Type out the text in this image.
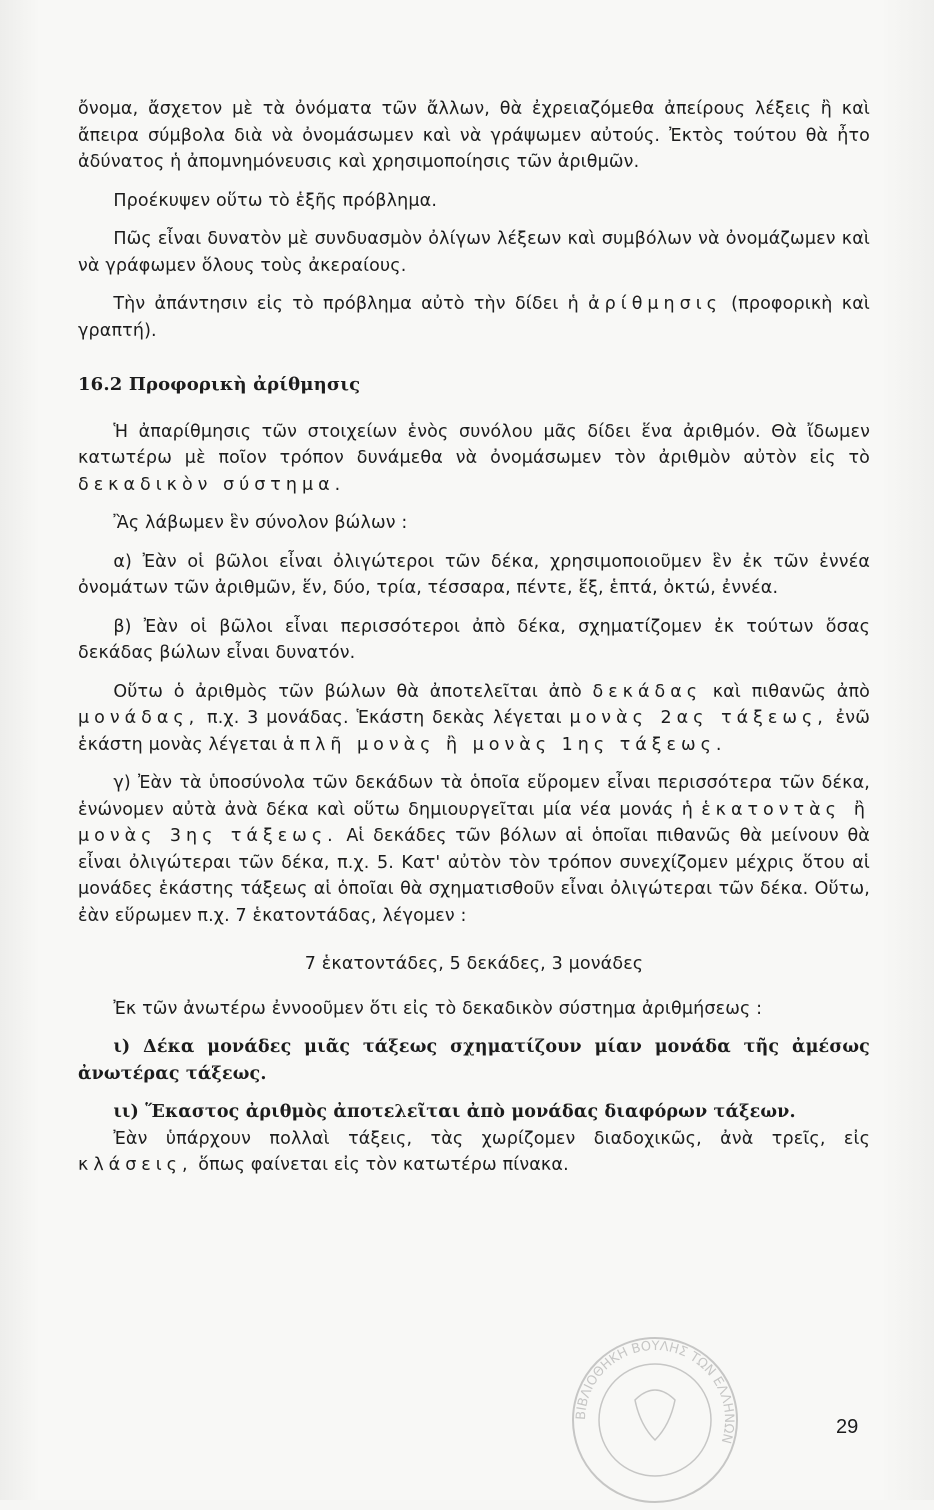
ὄνομα, ἄσχετον μὲ τὰ ὀνόματα τῶν ἄλλων, θὰ ἐχρειαζόμεθα ἀπείρους λέξεις ἢ καὶ ἄπειρα σύμβολα διὰ νὰ ὀνομάσωμεν καὶ νὰ γράψωμεν αὐτούς. Ἐκτὸς τούτου θὰ ἦτο ἀδύνατος ἡ ἀπομνημόνευσις καὶ χρησιμοποίησις τῶν ἀριθμῶν.

  Προέκυψεν οὕτω τὸ ἑξῆς πρόβλημα.

  Πῶς εἶναι δυνατὸν μὲ συνδυασμὸν ὀλίγων λέξεων καὶ συμβόλων νὰ ὀνομάζωμεν καὶ νὰ γράφωμεν ὅλους τοὺς ἀκεραίους.

  Τὴν ἀπάντησιν εἰς τὸ πρόβλημα αὐτὸ τὴν δίδει ἡ ἀρίθμησις (προφορικὴ καὶ γραπτή).

16.2 Προφορικὴ ἀρίθμησις

  Ἡ ἀπαρίθμησις τῶν στοιχείων ἑνὸς συνόλου μᾶς δίδει ἕνα ἀριθμόν. Θὰ ἴδωμεν κατωτέρω μὲ ποῖον τρόπον δυνάμεθα νὰ ὀνομάσωμεν τὸν ἀριθμὸν αὐτὸν εἰς τὸ δεκαδικὸν σύστημα.

  Ἂς λάβωμεν ἓν σύνολον βώλων :

  α) Ἐὰν οἱ βῶλοι εἶναι ὀλιγώτεροι τῶν δέκα, χρησιμοποιοῦμεν ἓν ἐκ τῶν ἐννέα ὀνομάτων τῶν ἀριθμῶν, ἕν, δύο, τρία, τέσσαρα, πέντε, ἕξ, ἑπτά, ὀκτώ, ἐννέα.

  β) Ἐὰν οἱ βῶλοι εἶναι περισσότεροι ἀπὸ δέκα, σχηματίζομεν ἐκ τούτων ὅσας δεκάδας βώλων εἶναι δυνατόν.

  Οὕτω ὁ ἀριθμὸς τῶν βώλων θὰ ἀποτελεῖται ἀπὸ δεκάδας καὶ πιθανῶς ἀπὸ μονάδας, π.χ. 3 μονάδας. Ἑκάστη δεκὰς λέγεται μονὰς 2ας τάξεως, ἐνῶ ἑκάστη μονὰς λέγεται ἁπλῆ μονὰς ἢ μονὰς 1ης τάξεως.

  γ) Ἐὰν τὰ ὑποσύνολα τῶν δεκάδων τὰ ὁποῖα εὕρομεν εἶναι περισσότερα τῶν δέκα, ἑνώνομεν αὐτὰ ἀνὰ δέκα καὶ οὕτω δημιουργεῖται μία νέα μονάς ἡ ἑκατοντὰς ἢ μονὰς 3ης τάξεως. Αἱ δεκάδες τῶν βόλων αἱ ὁποῖαι πιθανῶς θὰ μείνουν θὰ εἶναι ὀλιγώτεραι τῶν δέκα, π.χ. 5. Κατ' αὐτὸν τὸν τρόπον συνεχίζομεν μέχρις ὅτου αἱ μονάδες ἑκάστης τάξεως αἱ ὁποῖαι θὰ σχηματισθοῦν εἶναι ὀλιγώτεραι τῶν δέκα. Οὕτω, ἐὰν εὕρωμεν π.χ. 7 ἑκατοντάδας, λέγομεν :

7 ἑκατοντάδες, 5 δεκάδες, 3 μονάδες

  Ἐκ τῶν ἀνωτέρω ἐννοοῦμεν ὅτι εἰς τὸ δεκαδικὸν σύστημα ἀριθμήσεως :

  ι) Δέκα μονάδες μιᾶς τάξεως σχηματίζουν μίαν μονάδα τῆς ἀμέσως ἀνωτέρας τάξεως.

  ιι) Ἕκαστος ἀριθμὸς ἀποτελεῖται ἀπὸ μονάδας διαφόρων τάξεων.

  Ἐὰν ὑπάρχουν πολλαὶ τάξεις, τὰς χωρίζομεν διαδοχικῶς, ἀνὰ τρεῖς, εἰς κλάσεις, ὅπως φαίνεται εἰς τὸν κατωτέρω πίνακα.

ΒΙΒΛΙΟΘΗΚΗ ΒΟΥΛΗΣ ΤΩΝ ΕΛΛΗΝΩΝ
29
